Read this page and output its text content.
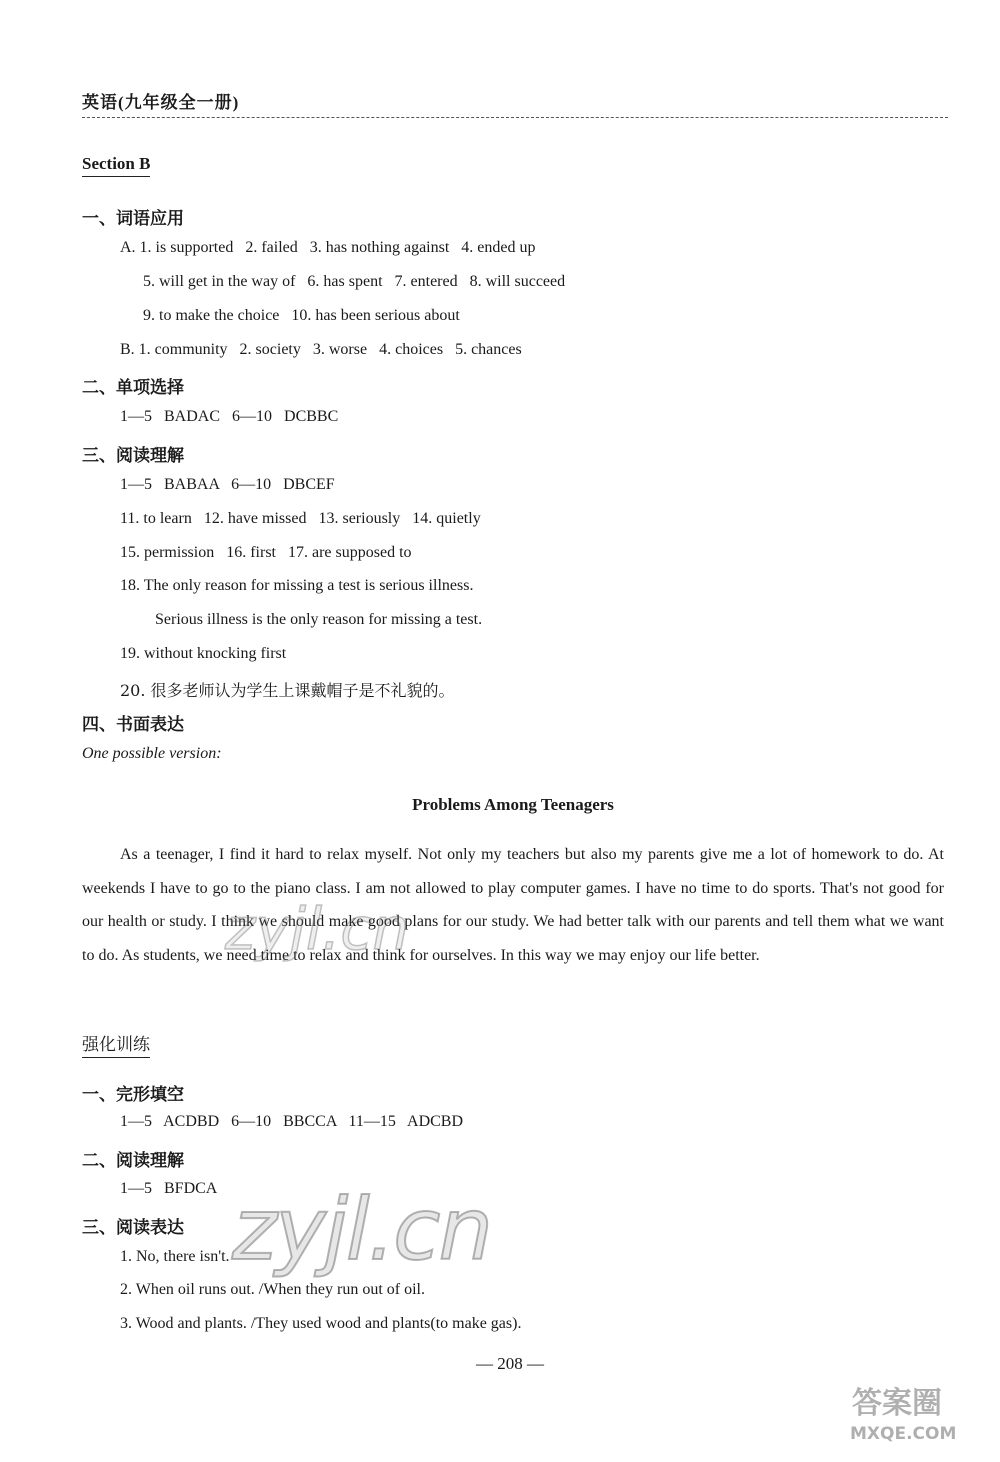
英语(九年级全一册)
Section B
一、词语应用
A. 1. is supported   2. failed   3. has nothing against   4. ended up
5. will get in the way of   6. has spent   7. entered   8. will succeed
9. to make the choice   10. has been serious about
B. 1. community   2. society   3. worse   4. choices   5. chances
二、单项选择
1—5   BADAC   6—10   DCBBC
三、阅读理解
1—5   BABAA   6—10   DBCEF
11. to learn   12. have missed   13. seriously   14. quietly
15. permission   16. first   17. are supposed to
18. The only reason for missing a test is serious illness.
Serious illness is the only reason for missing a test.
19. without knocking first
20. 很多老师认为学生上课戴帽子是不礼貌的。
四、书面表达
One possible version:
Problems Among Teenagers

As a teenager, I find it hard to relax myself. Not only my teachers but also my parents give me a lot of homework to do. At weekends I have to go to the piano class. I am not allowed to play computer games. I have no time to do sports. That's not good for our health or study. I think we should make good plans for our study. We had better talk with our parents and tell them what we want to do. As students, we need time to relax and think for ourselves. In this way we may enjoy our life better.

强化训练
一、完形填空
1—5   ACDBD   6—10   BBCCA   11—15   ADCBD
二、阅读理解
1—5   BFDCA
三、阅读表达
1. No, there isn't.
2. When oil runs out. /When they run out of oil.
3. Wood and plants. /They used wood and plants(to make gas).
— 208 —
zyjl.cn
zyjl.cn
答案圈
MXQE.COM
